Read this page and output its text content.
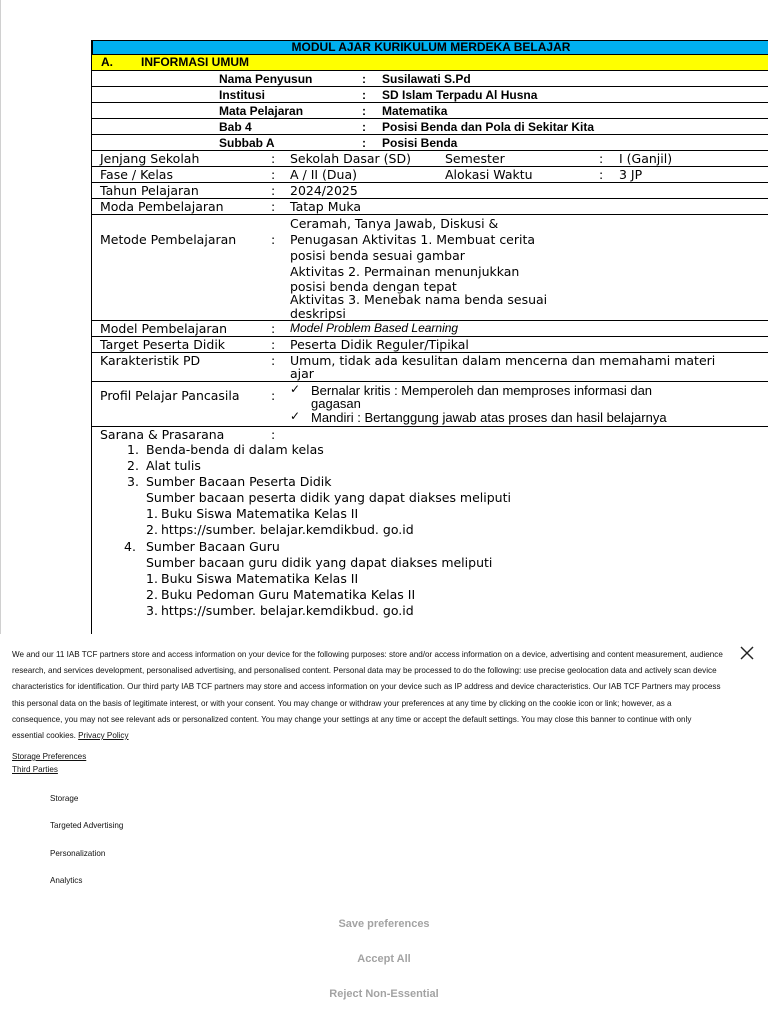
MODUL AJAR KURIKULUM MERDEKA BELAJAR
A. INFORMASI UMUM
Nama Penyusun	: Susilawati S.Pd
Institusi	: SD Islam Terpadu Al Husna
Mata Pelajaran	: Matematika
Bab 4	: Posisi Benda dan Pola di Sekitar Kita
Subbab A	: Posisi Benda
Jenjang Sekolah	: Sekolah Dasar (SD)	Semester	: I (Ganjil)
Fase / Kelas	: A / II (Dua)	Alokasi Waktu	: 3 JP
Tahun Pelajaran	: 2024/2025
Moda Pembelajaran	: Tatap Muka
Metode Pembelajaran	:
Ceramah, Tanya Jawab, Diskusi &
Penugasan Aktivitas 1. Membuat cerita
posisi benda sesuai gambar
Aktivitas 2. Permainan menunjukkan
posisi benda dengan tepat
Aktivitas 3. Menebak nama benda sesuai
deskripsi
Model Pembelajaran	: Model Problem Based Learning
Target Peserta Didik	: Peserta Didik Reguler/Tipikal
Karakteristik PD	: Umum, tidak ada kesulitan dalam mencerna dan memahami materi
ajar
Profil Pelajar Pancasila	: ✓ Bernalar kritis : Memperoleh dan memproses informasi dan
gagasan
✓ Mandiri : Bertanggung jawab atas proses dan hasil belajarnya
Sarana & Prasarana	:
1. Benda-benda di dalam kelas
2. Alat tulis
3. Sumber Bacaan Peserta Didik
Sumber bacaan peserta didik yang dapat diakses meliputi
1. Buku Siswa Matematika Kelas II
2. https://sumber. belajar.kemdikbud. go.id
4. Sumber Bacaan Guru
Sumber bacaan guru didik yang dapat diakses meliputi
1. Buku Siswa Matematika Kelas II
2. Buku Pedoman Guru Matematika Kelas II
3. https://sumber. belajar.kemdikbud. go.id
We and our 11 IAB TCF partners store and access information on your device for the following purposes: store and/or access information on a device, advertising and content measurement, audience research, and services development, personalised advertising, and personalised content. Personal data may be processed to do the following: use precise geolocation data and actively scan device characteristics for identification. Our third party IAB TCF partners may store and access information on your device such as IP address and device characteristics. Our IAB TCF Partners may process this personal data on the basis of legitimate interest, or with your consent. You may change or withdraw your preferences at any time by clicking on the cookie icon or link; however, as a consequence, you may not see relevant ads or personalized content. You may change your settings at any time or accept the default settings. You may close this banner to continue with only essential cookies. Privacy Policy
Storage Preferences
Third Parties
Storage
Targeted Advertising
Personalization
Analytics
Save preferences
Accept All
Reject Non-Essential
